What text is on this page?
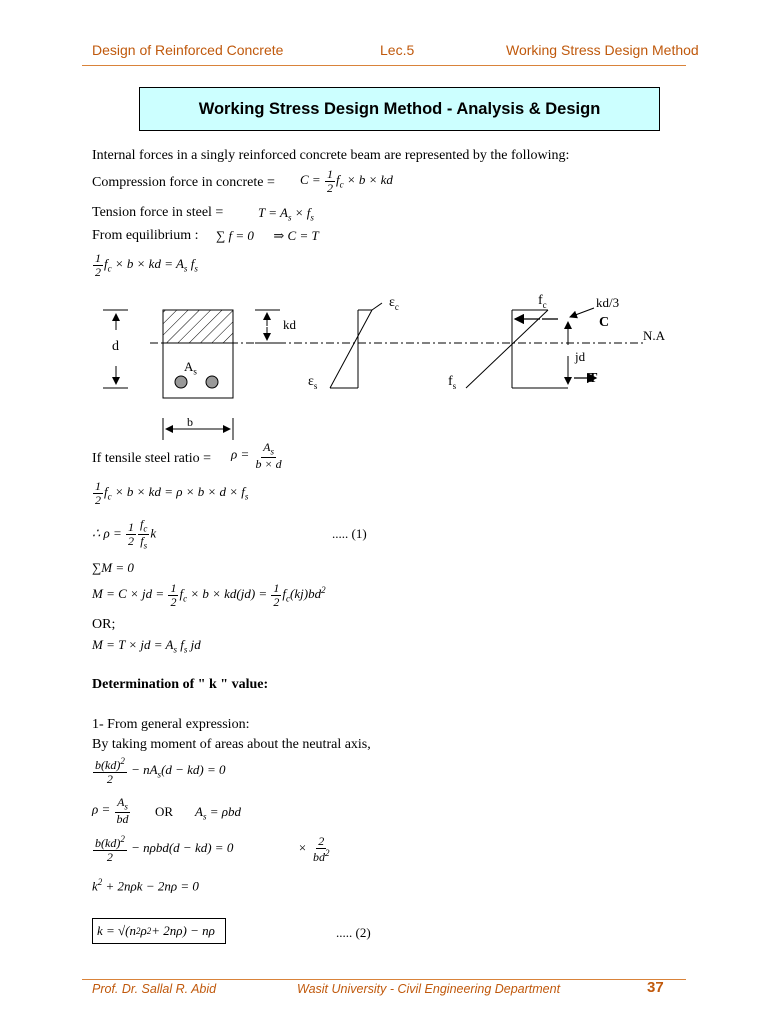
Design of Reinforced Concrete	Lec.5	Working Stress Design Method
Working Stress Design Method - Analysis & Design
Internal forces in a singly reinforced concrete beam are represented by the following:
Compression force in concrete = $C = \frac{1}{2} f_c \times b$ × kd
Tension force in steel =	$T = A_s \times f_s$
From equilibrium : ∑ f = 0      ⇒ C = T
$\frac{1}{2} f_c \times b$ × kd = $A_s$ $f_s$
d
$A_s$
kd
b
$\varepsilon_c$
$\varepsilon_s$
$f_c$
$f_s$
kd/3
C
jd
T
N.A
If tensile steel ratio = $\rho = \frac{A_s}{b \times d}$
$\frac{1}{2} f_c \times b$ × kd = $\rho \times b \times d \times f_s$
∴ $\rho = \frac{1}{2} \frac{f_c}{f_s}$ k	..... (1)
∑M = 0
M = C × jd = $\frac{1}{2} f_c \times b \times kd(jd) = \frac{1}{2} f_c(kj)bd^2$
OR;
M = T × jd = $A_s$ $f_s$ jd
Determination of " k " value:
1- From general expression:
By taking moment of areas about the neutral axis,
$\frac{b(kd)^2}{2} - nA_s(d - kd) = 0$
$\rho = \frac{A_s}{bd}$ OR $A_s = \rho bd$
$\frac{b(kd)^2}{2} - n\rho bd(d - kd) = 0$	× $\frac{2}{bd^2}$
$k^2 + 2n\rho k - 2n\rho = 0$
k = √(n 2 ρ 2 + 2nρ) − nρ	..... (2)
Prof. Dr. Sallal R. Abid	Wasit University - Civil Engineering Department	37
